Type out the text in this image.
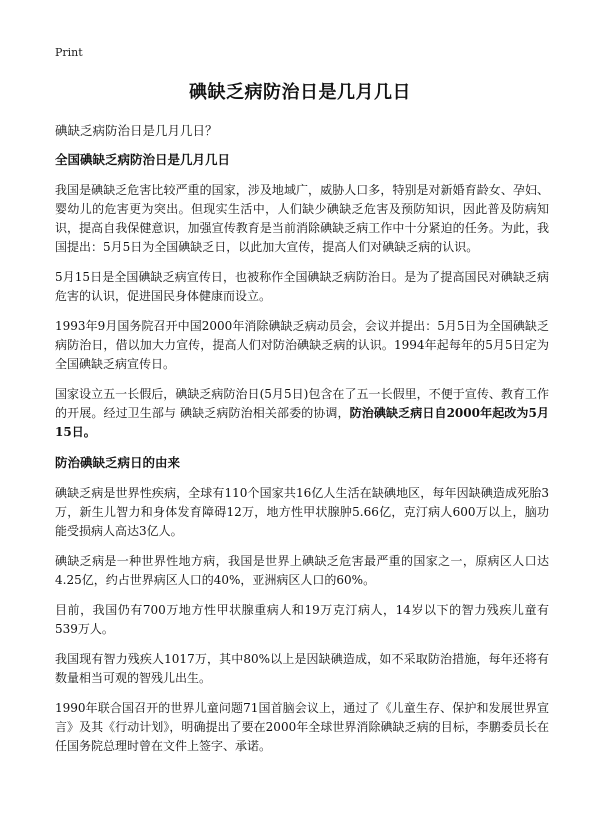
Print
碘缺乏病防治日是几月几日
碘缺乏病防治日是几月几日？
全国碘缺乏病防治日是几月几日

我国是碘缺乏危害比较严重的国家，涉及地域广，威胁人口多，特别是对新婚育龄女、孕妇、婴幼儿的危害更为突出。但现实生活中，人们缺少碘缺乏危害及预防知识，因此普及防病知识，提高自我保健意识，加强宣传教育是当前消除碘缺乏病工作中十分紧迫的任务。为此，我国提出：5月5日为全国碘缺乏日，以此加大宣传，提高人们对碘缺乏病的认识。

5月15日是全国碘缺乏病宣传日，也被称作全国碘缺乏病防治日。是为了提高国民对碘缺乏病危害的认识，促进国民身体健康而设立。

1993年9月国务院召开中国2000年消除碘缺乏病动员会，会议并提出：5月5日为全国碘缺乏病防治日，借以加大力宣传，提高人们对防治碘缺乏病的认识。1994年起每年的5月5日定为全国碘缺乏病宣传日。

国家设立五一长假后，碘缺乏病防治日(5月5日)包含在了五一长假里，不便于宣传、教育工作的开展。经过卫生部与 碘缺乏病防治相关部委的协调，防治碘缺乏病日自2000年起改为5月15日。

防治碘缺乏病日的由来

碘缺乏病是世界性疾病，全球有110个国家共16亿人生活在缺碘地区，每年因缺碘造成死胎3万，新生儿智力和身体发育障碍12万，地方性甲状腺肿5.66亿，克汀病人600万以上，脑功能受损病人高达3亿人。

碘缺乏病是一种世界性地方病，我国是世界上碘缺乏危害最严重的国家之一，原病区人口达4.25亿，约占世界病区人口的40%，亚洲病区人口的60%。

目前，我国仍有700万地方性甲状腺重病人和19万克汀病人，14岁以下的智力残疾儿童有539万人。

我国现有智力残疾人1017万，其中80%以上是因缺碘造成，如不采取防治措施，每年还将有数量相当可观的智残儿出生。

1990年联合国召开的世界儿童问题71国首脑会议上，通过了《儿童生存、保护和发展世界宣言》及其《行动计划》，明确提出了要在2000年全球世界消除碘缺乏病的目标，李鹏委员长在任国务院总理时曾在文件上签字、承诺。
